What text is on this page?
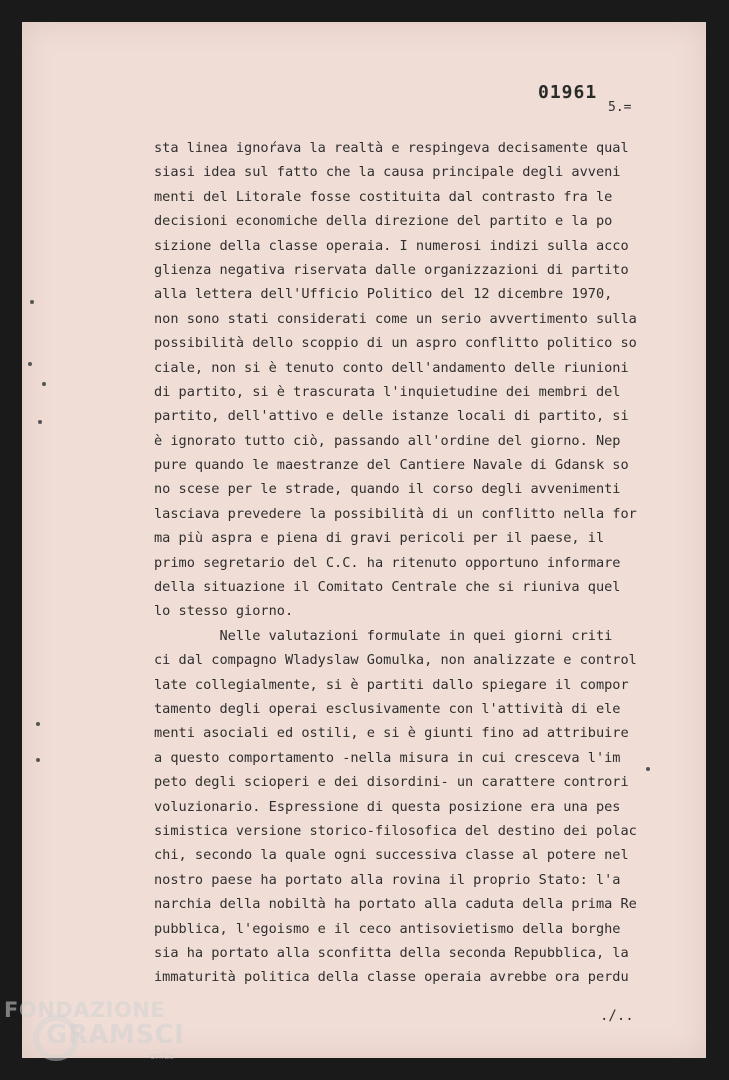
01961
5.=
sta linea ignoŕava la realtà e respingeva decisamente qual
siasi idea sul fatto che la causa principale degli avveni
menti del Litorale fosse costituita dal contrasto fra le
decisioni economiche della direzione del partito e la po
sizione della classe operaia. I numerosi indizi sulla acco
glienza negativa riservata dalle organizzazioni di partito
alla lettera dell'Ufficio Politico del 12 dicembre 1970,
non sono stati considerati come un serio avvertimento sulla
possibilità dello scoppio di un aspro conflitto politico so
ciale, non si è tenuto conto dell'andamento delle riunioni
di partito, si è trascurata l'inquietudine dei membri del
partito, dell'attivo e delle istanze locali di partito, si
è ignorato tutto ciò, passando all'ordine del giorno. Nep
pure quando le maestranze del Cantiere Navale di Gdansk so
no scese per le strade, quando il corso degli avvenimenti
lasciava prevedere la possibilità di un conflitto nella for
ma più aspra e piena di gravi pericoli per il paese, il
primo segretario del C.C. ha ritenuto opportuno informare
della situazione il Comitato Centrale che si riuniva quel
lo stesso giorno.
Nelle valutazioni formulate in quei giorni criti
ci dal compagno Wladyslaw Gomulka, non analizzate e control
late collegialmente, si è partiti dallo spiegare il compor
tamento degli operai esclusivamente con l'attività di ele
menti asociali ed ostili, e si è giunti fino ad attribuire
a questo comportamento -nella misura in cui cresceva l'im
peto degli scioperi e dei disordini- un carattere controri
voluzionario. Espressione di questa posizione era una pes
simistica versione storico-filosofica del destino dei polac
chi, secondo la quale ogni successiva classe al potere nel
nostro paese ha portato alla rovina il proprio Stato: l'a
narchia della nobiltà ha portato alla caduta della prima Re
pubblica, l'egoismo e il ceco antisovietismo della borghe
sia ha portato alla sconfitta della seconda Repubblica, la
immaturità politica della classe operaia avrebbe ora perdu
./..
FONDAZIONE
GRAMSCI
onlus
